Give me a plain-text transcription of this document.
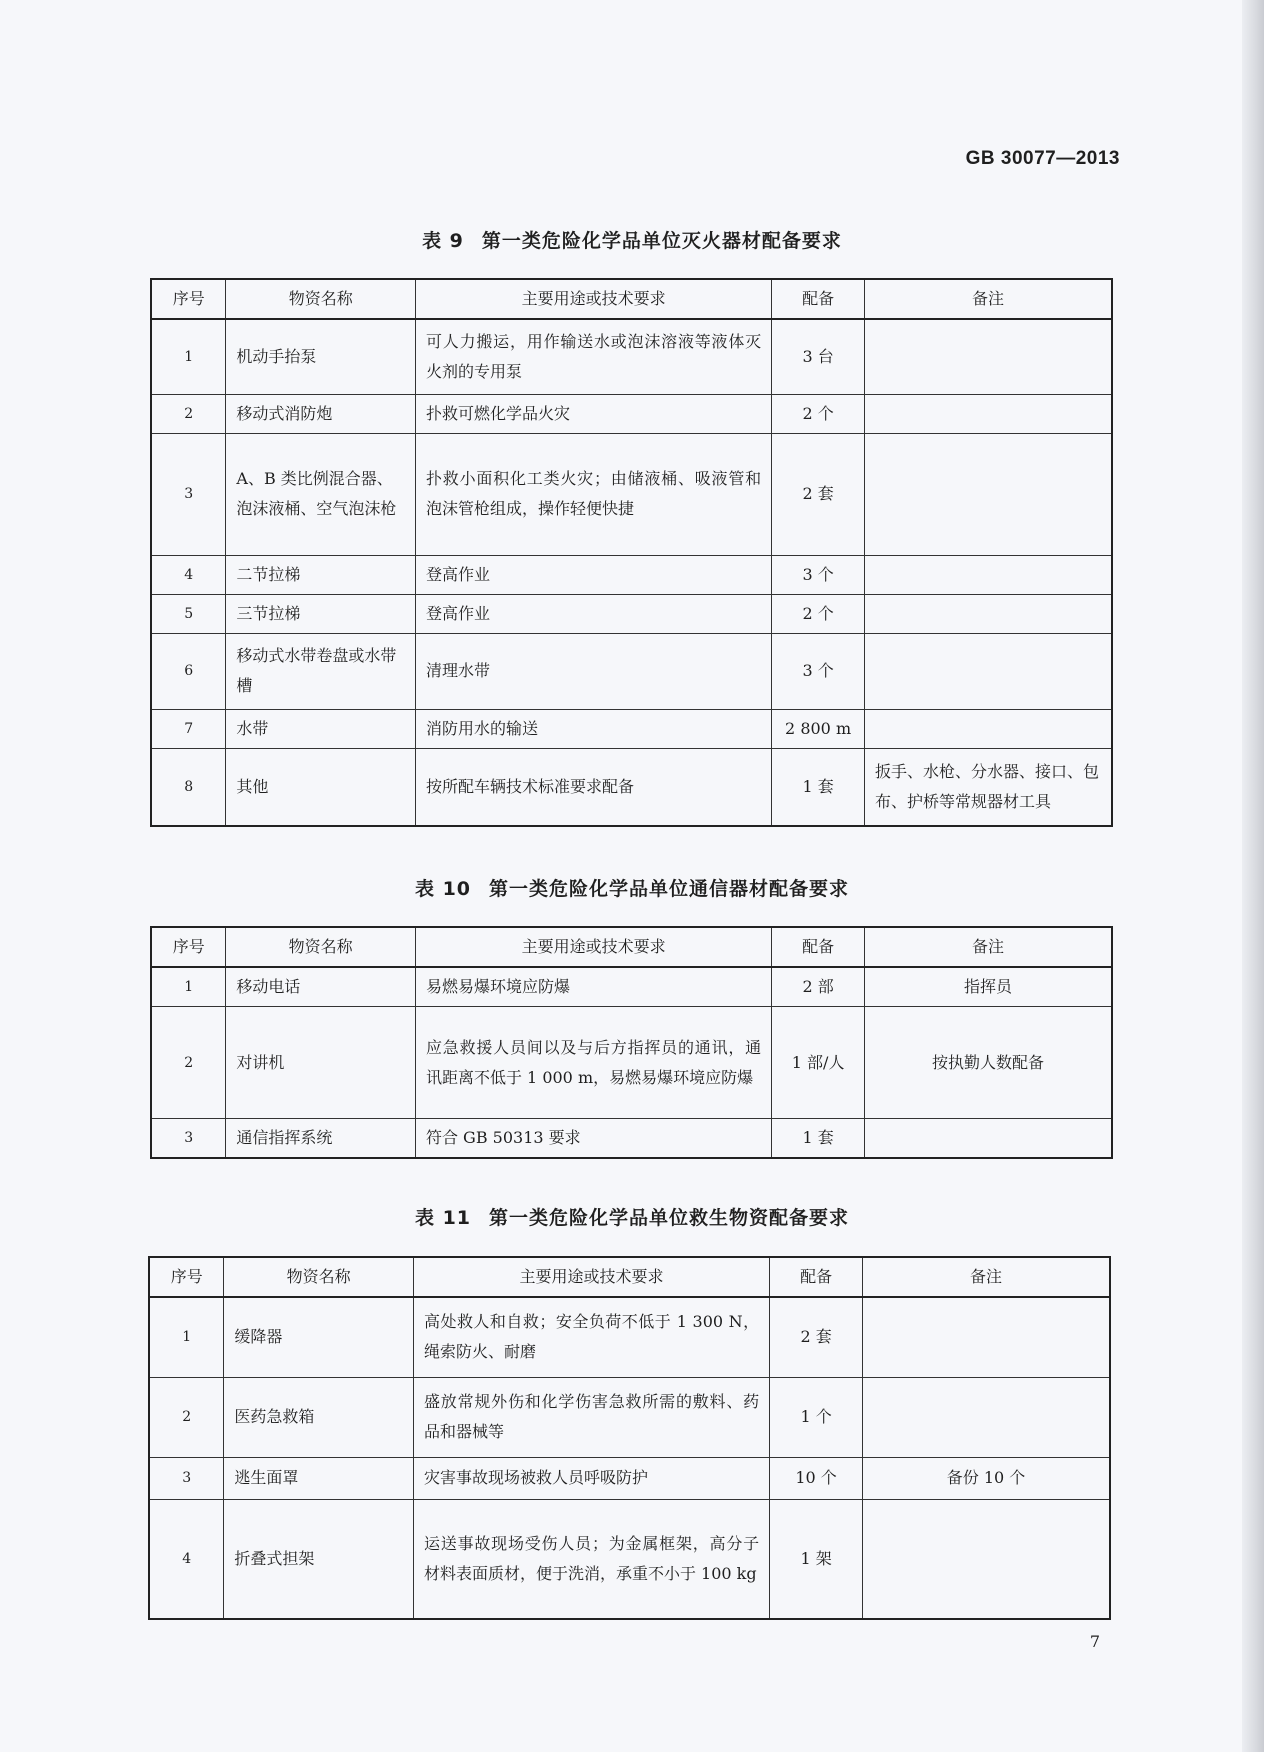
GB 30077—2013
表 9 第一类危险化学品单位灭火器材配备要求
序号	物资名称	主要用途或技术要求	配备	备注
1	机动手抬泵	可人力搬运，用作输送水或泡沫溶液等液体灭火剂的专用泵	3 台	
2	移动式消防炮	扑救可燃化学品火灾	2 个	
3	A、B 类比例混合器、泡沫液桶、空气泡沫枪	扑救小面积化工类火灾；由储液桶、吸液管和泡沫管枪组成，操作轻便快捷	2 套	
4	二节拉梯	登高作业	3 个	
5	三节拉梯	登高作业	2 个	
6	移动式水带卷盘或水带槽	清理水带	3 个	
7	水带	消防用水的输送	2 800 m	
8	其他	按所配车辆技术标准要求配备	1 套	扳手、水枪、分水器、接口、包布、护桥等常规器材工具
表 10 第一类危险化学品单位通信器材配备要求
序号	物资名称	主要用途或技术要求	配备	备注
1	移动电话	易燃易爆环境应防爆	2 部	指挥员
2	对讲机	应急救援人员间以及与后方指挥员的通讯，通讯距离不低于 1 000 m，易燃易爆环境应防爆	1 部/人	按执勤人数配备
3	通信指挥系统	符合 GB 50313 要求	1 套	
表 11 第一类危险化学品单位救生物资配备要求
序号	物资名称	主要用途或技术要求	配备	备注
1	缓降器	高处救人和自救；安全负荷不低于 1 300 N，绳索防火、耐磨	2 套	
2	医药急救箱	盛放常规外伤和化学伤害急救所需的敷料、药品和器械等	1 个	
3	逃生面罩	灾害事故现场被救人员呼吸防护	10 个	备份 10 个
4	折叠式担架	运送事故现场受伤人员；为金属框架，高分子材料表面质材，便于洗消，承重不小于 100 kg	1 架	
7
